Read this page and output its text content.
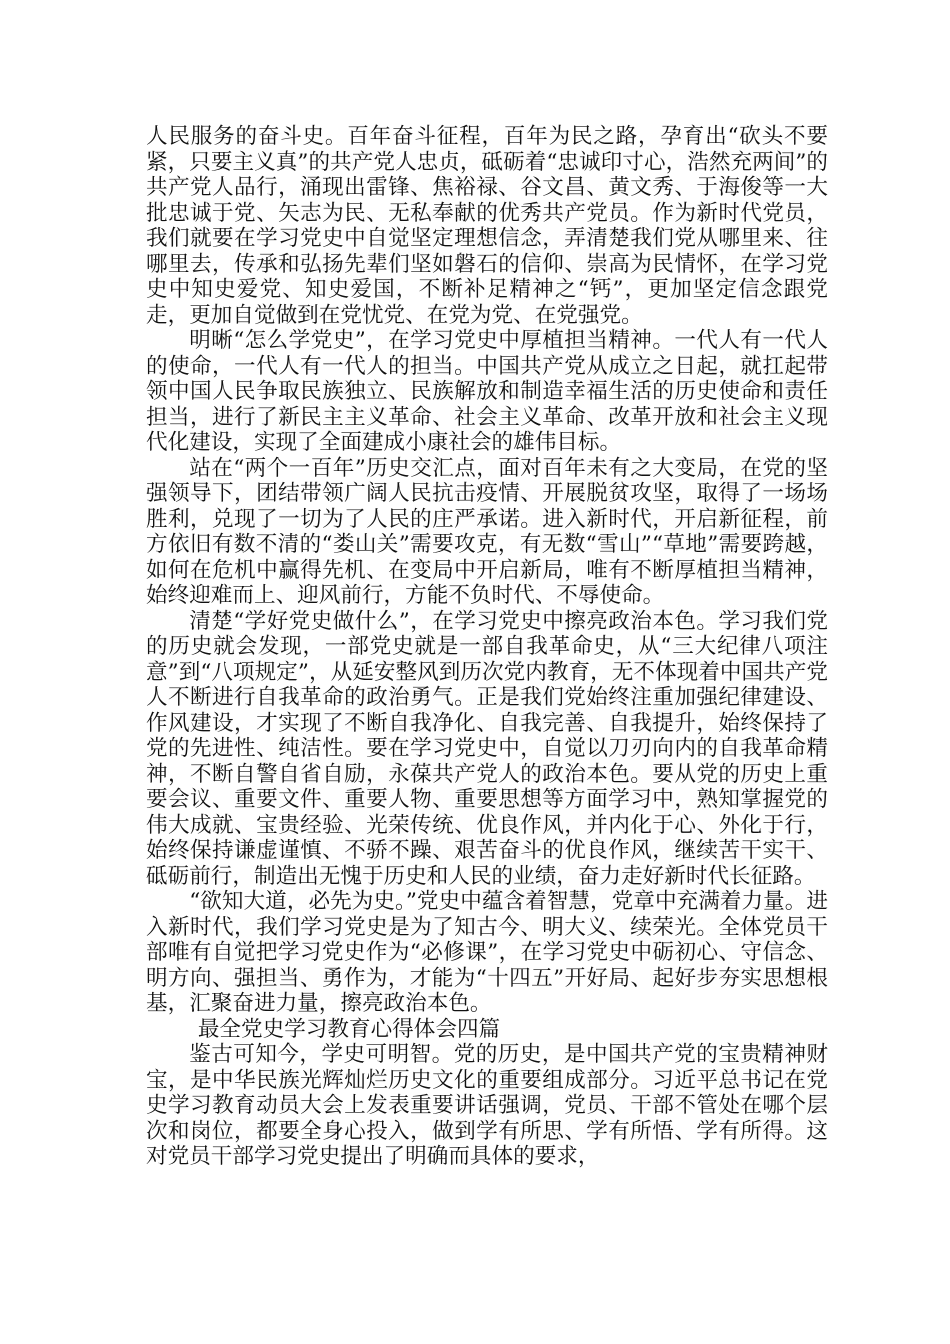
人民服务的奋斗史。百年奋斗征程，百年为民之路，孕育出“砍头不要紧，只要主义真”的共产党人忠贞，砥砺着“忠诚印寸心，浩然充两间”的共产党人品行，涌现出雷锋、焦裕禄、谷文昌、黄文秀、于海俊等一大批忠诚于党、矢志为民、无私奉献的优秀共产党员。作为新时代党员，我们就要在学习党史中自觉坚定理想信念，弄清楚我们党从哪里来、往哪里去，传承和弘扬先辈们坚如磐石的信仰、崇高为民情怀，在学习党史中知史爱党、知史爱国，不断补足精神之“钙”，更加坚定信念跟党走，更加自觉做到在党忧党、在党为党、在党强党。

明晰“怎么学党史”，在学习党史中厚植担当精神。一代人有一代人的使命，一代人有一代人的担当。中国共产党从成立之日起，就扛起带领中国人民争取民族独立、民族解放和制造幸福生活的历史使命和责任担当，进行了新民主主义革命、社会主义革命、改革开放和社会主义现代化建设，实现了全面建成小康社会的雄伟目标。

站在“两个一百年”历史交汇点，面对百年未有之大变局，在党的坚强领导下，团结带领广阔人民抗击疫情、开展脱贫攻坚，取得了一场场胜利，兑现了一切为了人民的庄严承诺。进入新时代，开启新征程，前方依旧有数不清的“娄山关”需要攻克，有无数“雪山”“草地”需要跨越，如何在危机中赢得先机、在变局中开启新局，唯有不断厚植担当精神，始终迎难而上、迎风前行，方能不负时代、不辱使命。

清楚“学好党史做什么”，在学习党史中擦亮政治本色。学习我们党的历史就会发现，一部党史就是一部自我革命史，从“三大纪律八项注意”到“八项规定”，从延安整风到历次党内教育，无不体现着中国共产党人不断进行自我革命的政治勇气。正是我们党始终注重加强纪律建设、作风建设，才实现了不断自我净化、自我完善、自我提升，始终保持了党的先进性、纯洁性。要在学习党史中，自觉以刀刃向内的自我革命精神，不断自警自省自励，永葆共产党人的政治本色。要从党的历史上重要会议、重要文件、重要人物、重要思想等方面学习中，熟知掌握党的伟大成就、宝贵经验、光荣传统、优良作风，并内化于心、外化于行，始终保持谦虚谨慎、不骄不躁、艰苦奋斗的优良作风，继续苦干实干、砥砺前行，制造出无愧于历史和人民的业绩，奋力走好新时代长征路。

“欲知大道，必先为史。”党史中蕴含着智慧，党章中充满着力量。进入新时代，我们学习党史是为了知古今、明大义、续荣光。全体党员干部唯有自觉把学习党史作为“必修课”，在学习党史中砺初心、守信念、明方向、强担当、勇作为，才能为“十四五”开好局、起好步夯实思想根基，汇聚奋进力量，擦亮政治本色。

最全党史学习教育心得体会四篇

鉴古可知今，学史可明智。党的历史，是中国共产党的宝贵精神财宝，是中华民族光辉灿烂历史文化的重要组成部分。习近平总书记在党史学习教育动员大会上发表重要讲话强调，党员、干部不管处在哪个层次和岗位，都要全身心投入，做到学有所思、学有所悟、学有所得。这对党员干部学习党史提出了明确而具体的要求，
